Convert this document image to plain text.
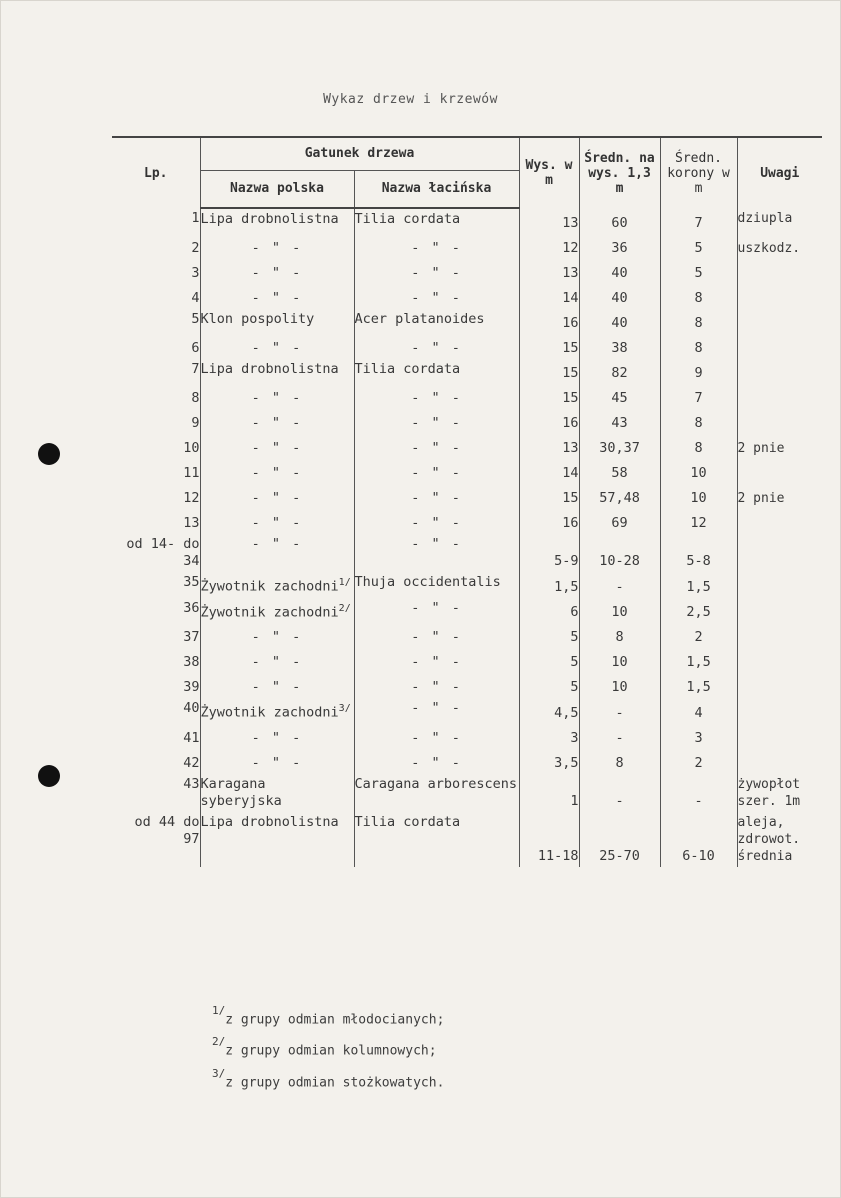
Wykaz drzew i krzewów
Lp.	Gatunek drzewa		Wys. w m	Średn. na wys. 1,3 m	Średn. korony w m	Uwagi
	Nazwa polska	Nazwa łacińska				
1	Lipa drobnolistna	Tilia cordata	13	60	7	dziupla
2	- " -	- " -	12	36	5	uszkodz.
3	- " -	- " -	13	40	5	
4	- " -	- " -	14	40	8	
5	Klon pospolity	Acer platanoides	16	40	8	
6	- " -	- " -	15	38	8	
7	Lipa drobnolistna	Tilia cordata	15	82	9	
8	- " -	- " -	15	45	7	
9	- " -	- " -	16	43	8	
10	- " -	- " -	13	30,37	8	2 pnie
11	- " -	- " -	14	58	10	
12	- " -	- " -	15	57,48	10	2 pnie
13	- " -	- " -	16	69	12	
od 14- do 34	- " -	- " -	5-9	10-28	5-8	
35	Żywotnik zachodni$^{1/}$	Thuja occidentalis	1,5	-	1,5	
36	Żywotnik zachodni$^{2/}$	- " -	6	10	2,5	
37	- " -	- " -	5	8	2	
38	- " -	- " -	5	10	1,5	
39	- " -	- " -	5	10	1,5	
40	Żywotnik zachodni$^{3/}$	- " -	4,5	-	4	
41	- " -	- " -	3	-	3	
42	- " -	- " -	3,5	8	2	
43	Karagana syberyjska	Caragana arborescens	1	-	-	żywopłot szer. 1m
od 44 do 97	Lipa drobnolistna	Tilia cordata	11-18	25-70	6-10	aleja, zdrowot. średnia
$^{1/}$z grupy odmian młodocianych;
$^{2/}$z grupy odmian kolumnowych;
$^{3/}$z grupy odmian stożkowatych.
